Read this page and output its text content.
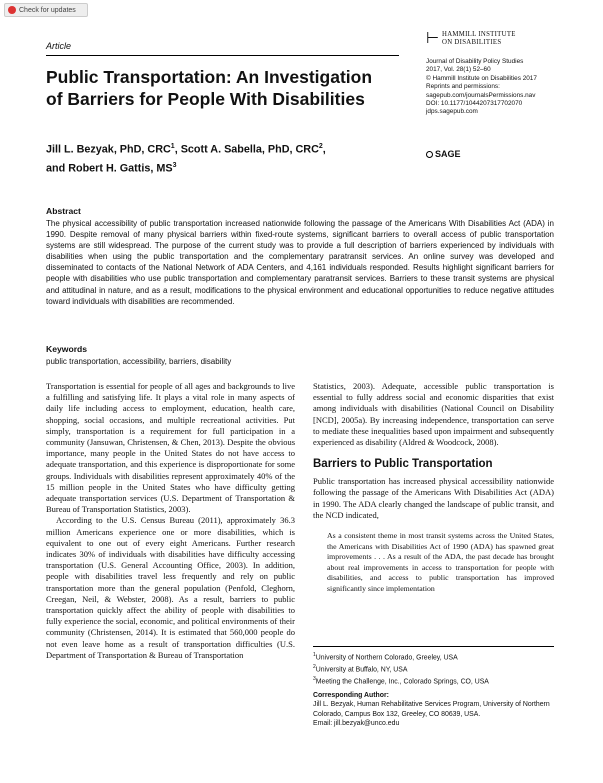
Check for updates
Article	⊢ HAMMILL INSTITUTE
ON DISABILITIES
Journal of Disability Policy Studies
2017, Vol. 28(1) 52–60
© Hammill Institute on Disabilities 2017
Reprints and permissions:
sagepub.com/journalsPermissions.nav
DOI: 10.1177/1044207317702070
jdps.sagepub.com
SAGE
Public Transportation: An Investigation
of Barriers for People With Disabilities
Jill L. Bezyak, PhD, CRC$^1$, Scott A. Sabella, PhD, CRC$^2$,
and Robert H. Gattis, $MS^3$

Abstract

The physical accessibility of public transportation increased nationwide following the passage of the Americans With Disabilities Act (ADA) in 1990. Despite removal of many physical barriers within fixed-route systems, significant barriers to overall access of public transportation systems are still widespread. The purpose of the current study was to provide a full description of barriers experienced by individuals with disabilities when using the public transportation and the complementary paratransit services. An online survey was developed and disseminated to contacts of the National Network of ADA Centers, and 4,161 individuals responded. Results highlight significant barriers for people with disabilities who use public transportation and complementary paratransit services. Barriers to these transit systems are physical and attitudinal in nature, and as a result, modifications to the physical environment and educational opportunities to reduce negative attitudes toward individuals with disabilities are recommended.

Keywords

public transportation, accessibility, barriers, disability

Transportation is essential for people of all ages and backgrounds to live a fulfilling and satisfying life. It plays a vital role in many aspects of daily life including access to employment, education, health care, shopping, social occasions, and multiple recreational activities. Put simply, transportation is a requirement for full participation in a community (Jansuwan, Christensen, & Chen, 2013). Despite the obvious importance, many people in the United States do not have access to adequate transportation, and this experience is disproportionate for some groups. Individuals with disabilities represent approximately 40% of the 15 million people in the United States who have difficulty getting adequate transportation services (U.S. Department of Transportation & Bureau of Transportation Statistics, 2003).

According to the U.S. Census Bureau (2011), approximately 36.3 million Americans experience one or more disabilities, which is equivalent to one out of every eight Americans. Further research indicates 30% of individuals with disabilities have difficulty accessing transportation (U.S. General Accounting Office, 2003). In addition, people with disabilities travel less frequently and rely on public transportation more than the general population (Penfold, Cleghorn, Creegan, Neil, & Webster, 2008). As a result, barriers to public transportation quickly affect the ability of people with disabilities to fully experience the social, economic, and political environments of their community (Christensen, 2014). It is estimated that 560,000 people do not even leave home as a result of transportation difficulties (U.S. Department of Transportation & Bureau of Transportation

Statistics, 2003). Adequate, accessible public transportation is essential to fully address social and economic disparities that exist among individuals with disabilities (National Council on Disability [NCD], 2005a). By increasing independence, transportation can serve to mediate these inequalities based upon impairment and subsequently experienced as disability (Aldred & Woodcock, 2008).

Barriers to Public Transportation

Public transportation has increased physical accessibility nationwide following the passage of the Americans With Disabilities Act (ADA) in 1990. The ADA clearly changed the landscape of public transit, and the NCD indicated,

As a consistent theme in most transit systems across the United States, the Americans with Disabilities Act of 1990 (ADA) has spawned great improvements . . . As a result of the ADA, the past decade has brought about real improvements in access to transportation for people with disabilities, and access to public transportation has improved significantly since implementation

$^1$University of Northern Colorado, Greeley, USA
$^2$University at Buffalo, NY, USA
$^3$Meeting the Challenge, Inc., Colorado Springs, CO, USA
Corresponding Author:
Jill L. Bezyak, Human Rehabilitative Services Program, University of Northern Colorado, Campus Box 132, Greeley, CO 80639, USA.
Email: jill.bezyak@unco.edu
